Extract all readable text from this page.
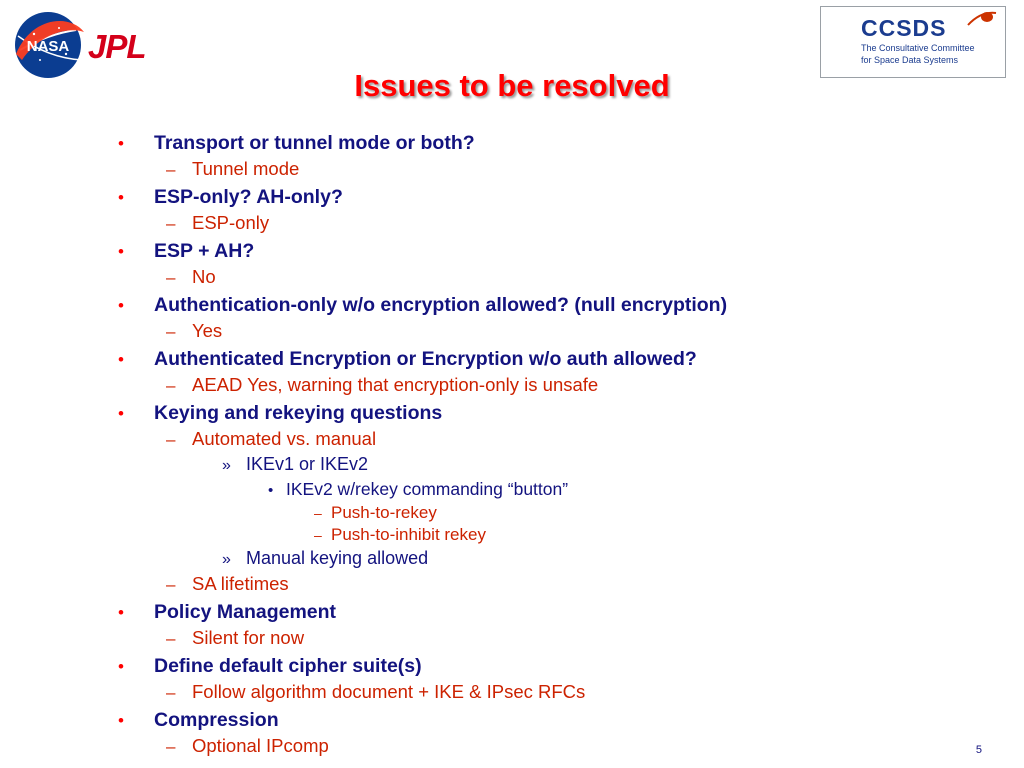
NASA JPL	CCSDS
The Consultative Committee
for Space Data Systems
Issues to be resolved
•	Transport or tunnel mode or both?
– Tunnel mode
•	ESP-only? AH-only?
– ESP-only
•	ESP + AH?
– No
•	Authentication-only w/o encryption allowed? (null encryption)
– Yes
•	Authenticated Encryption or Encryption w/o auth allowed?
– AEAD Yes, warning that encryption-only is unsafe
•	Keying and rekeying questions
– Automated vs. manual
» IKEv1 or IKEv2
• IKEv2 w/rekey commanding “button”
– Push-to-rekey
– Push-to-inhibit rekey
» Manual keying allowed
– SA lifetimes
•	Policy Management
– Silent for now
•	Define default cipher suite(s)
– Follow algorithm document + IKE & IPsec RFCs
•	Compression
– Optional IPcomp	5
